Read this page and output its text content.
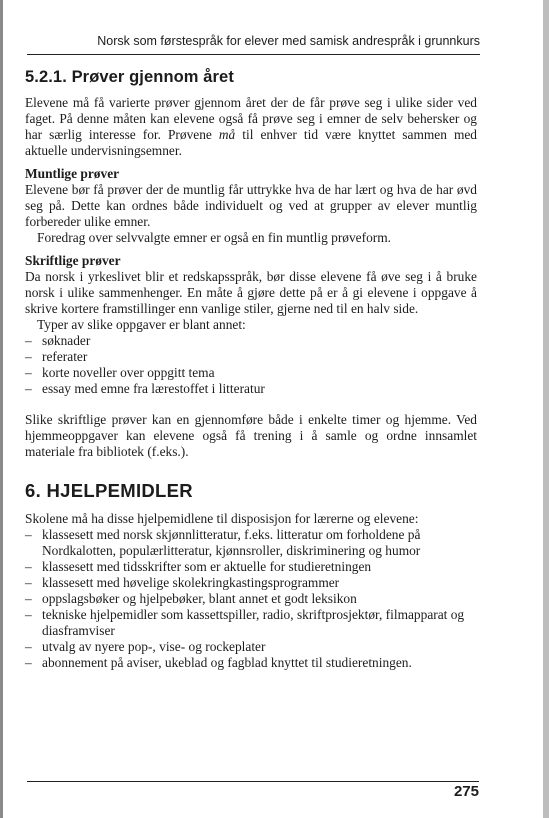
Norsk som førstespråk for elever med samisk andrespråk i grunnkurs
5.2.1. Prøver gjennom året

Elevene må få varierte prøver gjennom året der de får prøve seg i ulike sider ved faget. På denne måten kan elevene også få prøve seg i emner de selv behersker og har særlig interesse for. Prøvene må til enhver tid være knyttet sammen med aktuelle undervisningsemner.

Muntlige prøver

Elevene bør få prøver der de muntlig får uttrykke hva de har lært og hva de har øvd seg på. Dette kan ordnes både individuelt og ved at grupper av elever muntlig forbereder ulike emner.

Foredrag over selvvalgte emner er også en fin muntlig prøveform.

Skriftlige prøver

Da norsk i yrkeslivet blir et redskapsspråk, bør disse elevene få øve seg i å bruke norsk i ulike sammenhenger. En måte å gjøre dette på er å gi elevene i oppgave å skrive kortere framstillinger enn vanlige stiler, gjerne ned til en halv side.

Typer av slike oppgaver er blant annet:

– søknader
– referater
– korte noveller over oppgitt tema
– essay med emne fra lærestoffet i litteratur

Slike skriftlige prøver kan en gjennomføre både i enkelte timer og hjemme. Ved hjemmeoppgaver kan elevene også få trening i å samle og ordne innsamlet materiale fra bibliotek (f.eks.).

6. HJELPEMIDLER

Skolene må ha disse hjelpemidlene til disposisjon for lærerne og elevene:

– klassesett med norsk skjønnlitteratur, f.eks. litteratur om forholdene på Nordkalotten, populærlitteratur, kjønnsroller, diskriminering og humor
– klassesett med tidsskrifter som er aktuelle for studieretningen
– klassesett med høvelige skolekringkastingsprogrammer
– oppslagsbøker og hjelpebøker, blant annet et godt leksikon
– tekniske hjelpemidler som kassettspiller, radio, skriftprosjektør, filmapparat og diasframviser
– utvalg av nyere pop-, vise- og rockeplater
– abonnement på aviser, ukeblad og fagblad knyttet til studieretningen.
275
